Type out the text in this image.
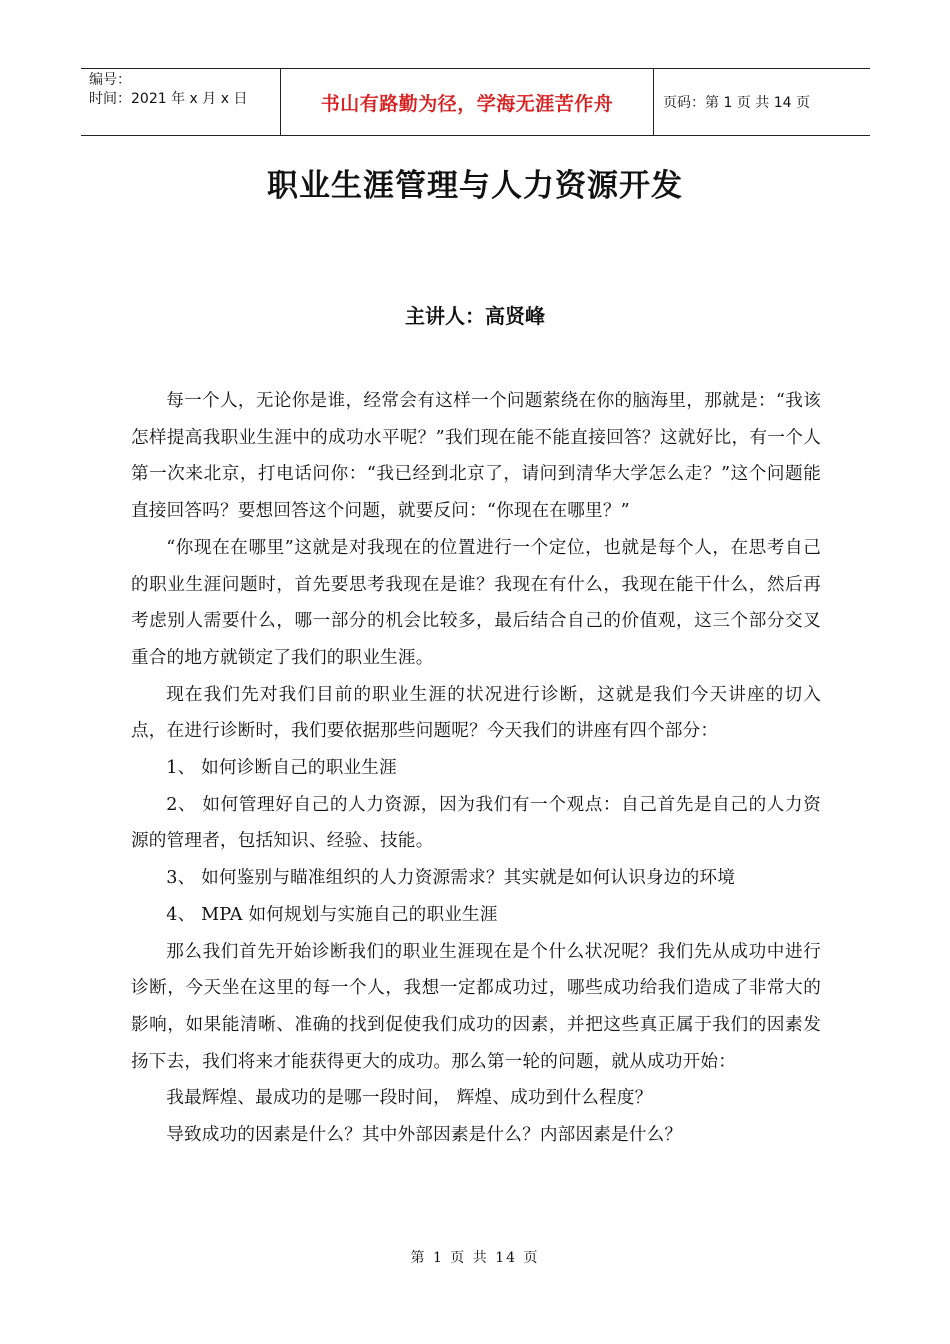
编号：
时间：2021 年 x 月 x 日	书山有路勤为径，学海无涯苦作舟	页码：第 1 页 共 14 页
职业生涯管理与人力资源开发
主讲人：高贤峰

每一个人，无论你是谁，经常会有这样一个问题萦绕在你的脑海里，那就是：“我该怎样提高我职业生涯中的成功水平呢？”我们现在能不能直接回答？这就好比，有一个人第一次来北京，打电话问你：“我已经到北京了，请问到清华大学怎么走？”这个问题能直接回答吗？要想回答这个问题，就要反问：“你现在在哪里？”

“你现在在哪里”这就是对我现在的位置进行一个定位，也就是每个人，在思考自己的职业生涯问题时，首先要思考我现在是谁？我现在有什么，我现在能干什么，然后再考虑别人需要什么，哪一部分的机会比较多，最后结合自己的价值观，这三个部分交叉重合的地方就锁定了我们的职业生涯。

现在我们先对我们目前的职业生涯的状况进行诊断，这就是我们今天讲座的切入点，在进行诊断时，我们要依据那些问题呢？今天我们的讲座有四个部分：

1、 如何诊断自己的职业生涯

2、 如何管理好自己的人力资源，因为我们有一个观点：自己首先是自己的人力资源的管理者，包括知识、经验、技能。

3、 如何鉴别与瞄准组织的人力资源需求？其实就是如何认识身边的环境

4、 MPA 如何规划与实施自己的职业生涯

那么我们首先开始诊断我们的职业生涯现在是个什么状况呢？我们先从成功中进行诊断，今天坐在这里的每一个人，我想一定都成功过，哪些成功给我们造成了非常大的影响，如果能清晰、准确的找到促使我们成功的因素，并把这些真正属于我们的因素发扬下去，我们将来才能获得更大的成功。那么第一轮的问题，就从成功开始：

我最辉煌、最成功的是哪一段时间， 辉煌、成功到什么程度？

导致成功的因素是什么？其中外部因素是什么？内部因素是什么？

第 1 页 共 14 页
